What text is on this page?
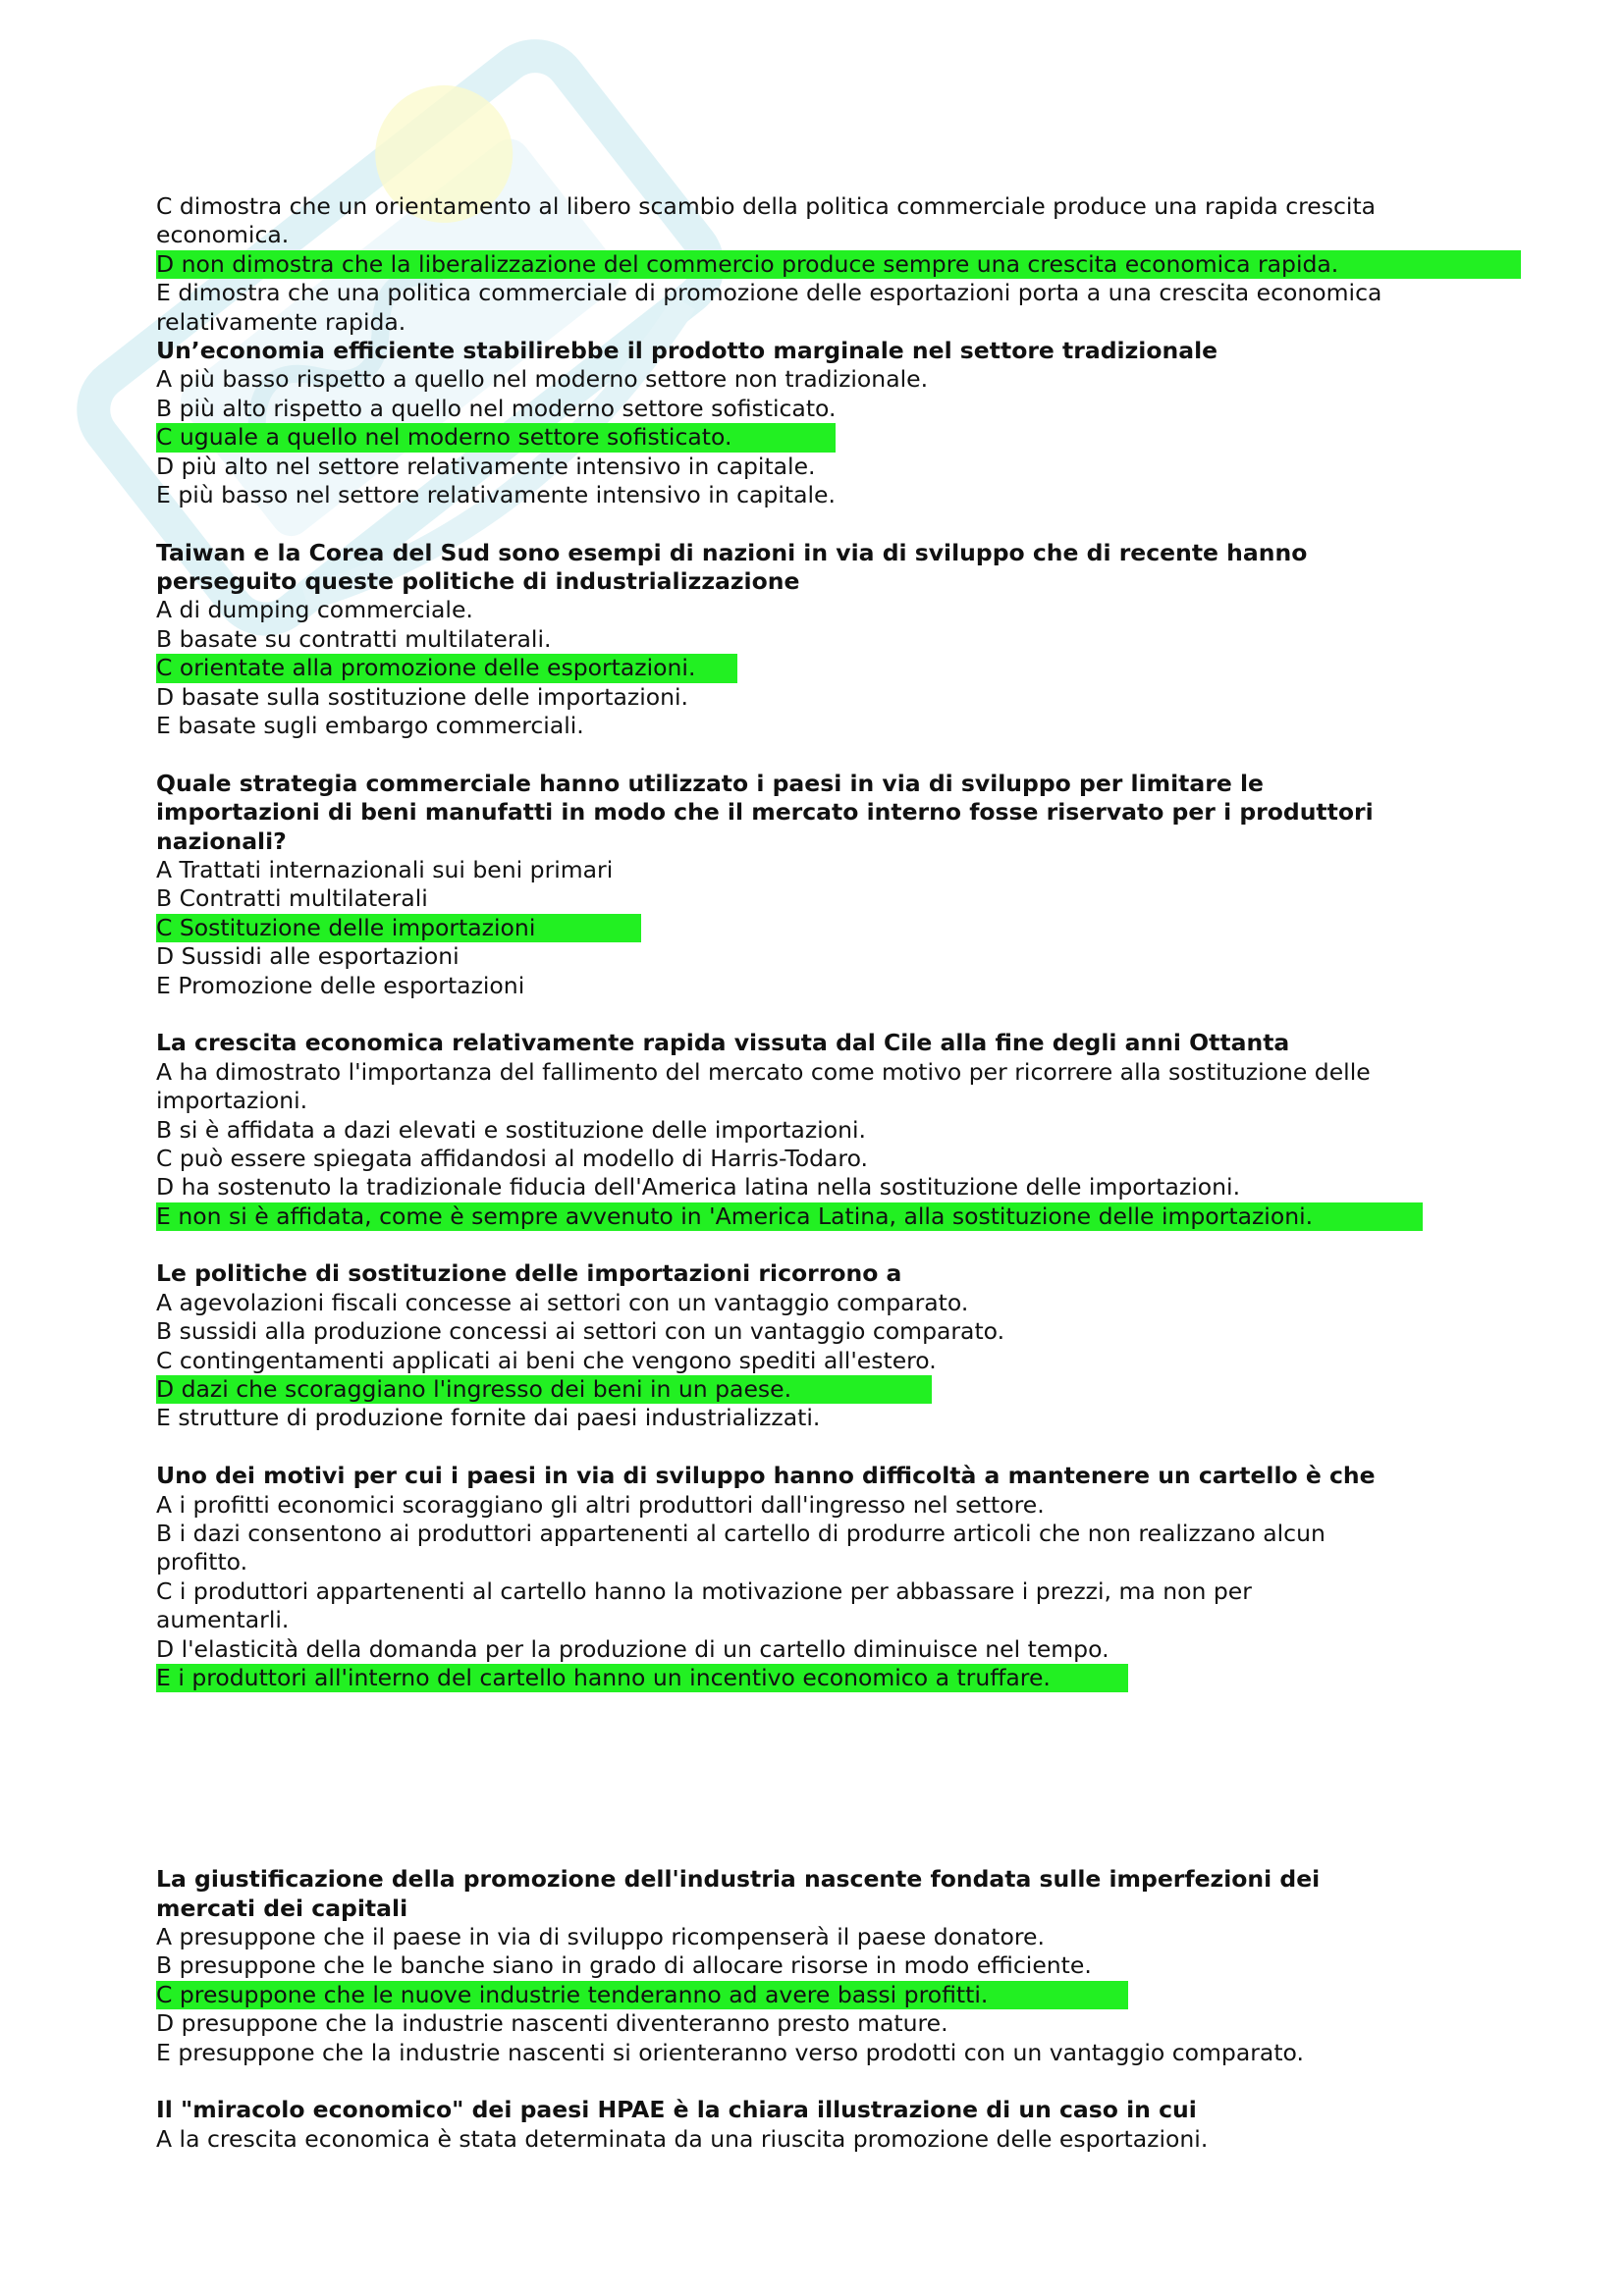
C dimostra che un orientamento al libero scambio della politica commerciale produce una rapida crescita
economica.
D non dimostra che la liberalizzazione del commercio produce sempre una crescita economica rapida.
E dimostra che una politica commerciale di promozione delle esportazioni porta a una crescita economica
relativamente rapida.
Un’economia efficiente stabilirebbe il prodotto marginale nel settore tradizionale
A più basso rispetto a quello nel moderno settore non tradizionale.
B più alto rispetto a quello nel moderno settore sofisticato.
C uguale a quello nel moderno settore sofisticato.
D più alto nel settore relativamente intensivo in capitale.
E più basso nel settore relativamente intensivo in capitale.
Taiwan e la Corea del Sud sono esempi di nazioni in via di sviluppo che di recente hanno
perseguito queste politiche di industrializzazione
A di dumping commerciale.
B basate su contratti multilaterali.
C orientate alla promozione delle esportazioni.
D basate sulla sostituzione delle importazioni.
E basate sugli embargo commerciali.
Quale strategia commerciale hanno utilizzato i paesi in via di sviluppo per limitare le
importazioni di beni manufatti in modo che il mercato interno fosse riservato per i produttori
nazionali?
A Trattati internazionali sui beni primari
B Contratti multilaterali
C Sostituzione delle importazioni
D Sussidi alle esportazioni
E Promozione delle esportazioni
La crescita economica relativamente rapida vissuta dal Cile alla fine degli anni Ottanta
A ha dimostrato l'importanza del fallimento del mercato come motivo per ricorrere alla sostituzione delle
importazioni.
B si è affidata a dazi elevati e sostituzione delle importazioni.
C può essere spiegata affidandosi al modello di Harris-Todaro.
D ha sostenuto la tradizionale fiducia dell'America latina nella sostituzione delle importazioni.
E non si è affidata, come è sempre avvenuto in 'America Latina, alla sostituzione delle importazioni.
Le politiche di sostituzione delle importazioni ricorrono a
A agevolazioni fiscali concesse ai settori con un vantaggio comparato.
B sussidi alla produzione concessi ai settori con un vantaggio comparato.
C contingentamenti applicati ai beni che vengono spediti all'estero.
D dazi che scoraggiano l'ingresso dei beni in un paese.
E strutture di produzione fornite dai paesi industrializzati.
Uno dei motivi per cui i paesi in via di sviluppo hanno difficoltà a mantenere un cartello è che
A i profitti economici scoraggiano gli altri produttori dall'ingresso nel settore.
B i dazi consentono ai produttori appartenenti al cartello di produrre articoli che non realizzano alcun
profitto.
C i produttori appartenenti al cartello hanno la motivazione per abbassare i prezzi, ma non per
aumentarli.
D l'elasticità della domanda per la produzione di un cartello diminuisce nel tempo.
E i produttori all'interno del cartello hanno un incentivo economico a truffare.
La giustificazione della promozione dell'industria nascente fondata sulle imperfezioni dei
mercati dei capitali
A presuppone che il paese in via di sviluppo ricompenserà il paese donatore.
B presuppone che le banche siano in grado di allocare risorse in modo efficiente.
C presuppone che le nuove industrie tenderanno ad avere bassi profitti.
D presuppone che la industrie nascenti diventeranno presto mature.
E presuppone che la industrie nascenti si orienteranno verso prodotti con un vantaggio comparato.
Il "miracolo economico" dei paesi HPAE è la chiara illustrazione di un caso in cui
A la crescita economica è stata determinata da una riuscita promozione delle esportazioni.
